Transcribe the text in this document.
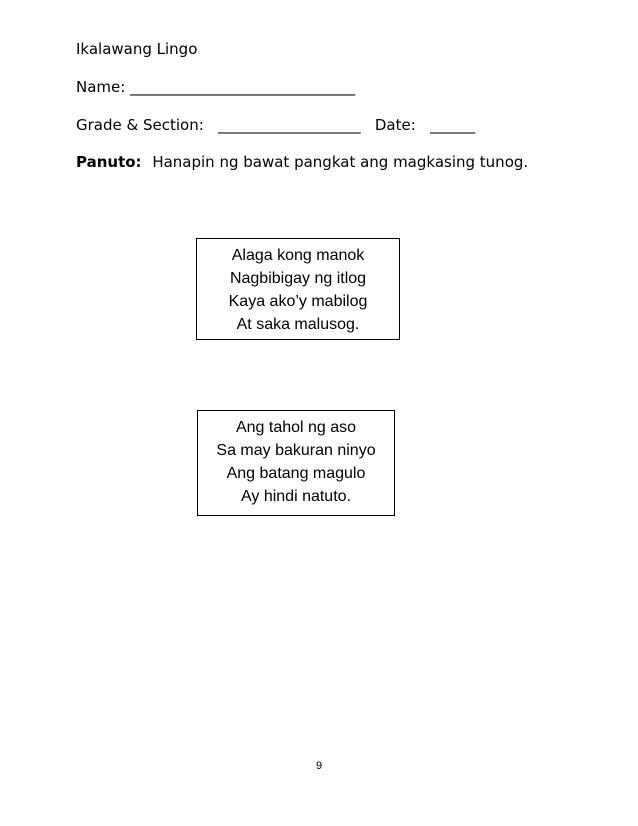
Ikalawang Lingo
Name: ______________________________
Grade & Section: ___________________ Date: ______
Panuto: Hanapin ng bawat pangkat ang magkasing tunog.
Alaga kong manok
Nagbibigay ng itlog
Kaya ako’y mabilog
At saka malusog.
Ang tahol ng aso
Sa may bakuran ninyo
Ang batang magulo
Ay hindi natuto.
9
